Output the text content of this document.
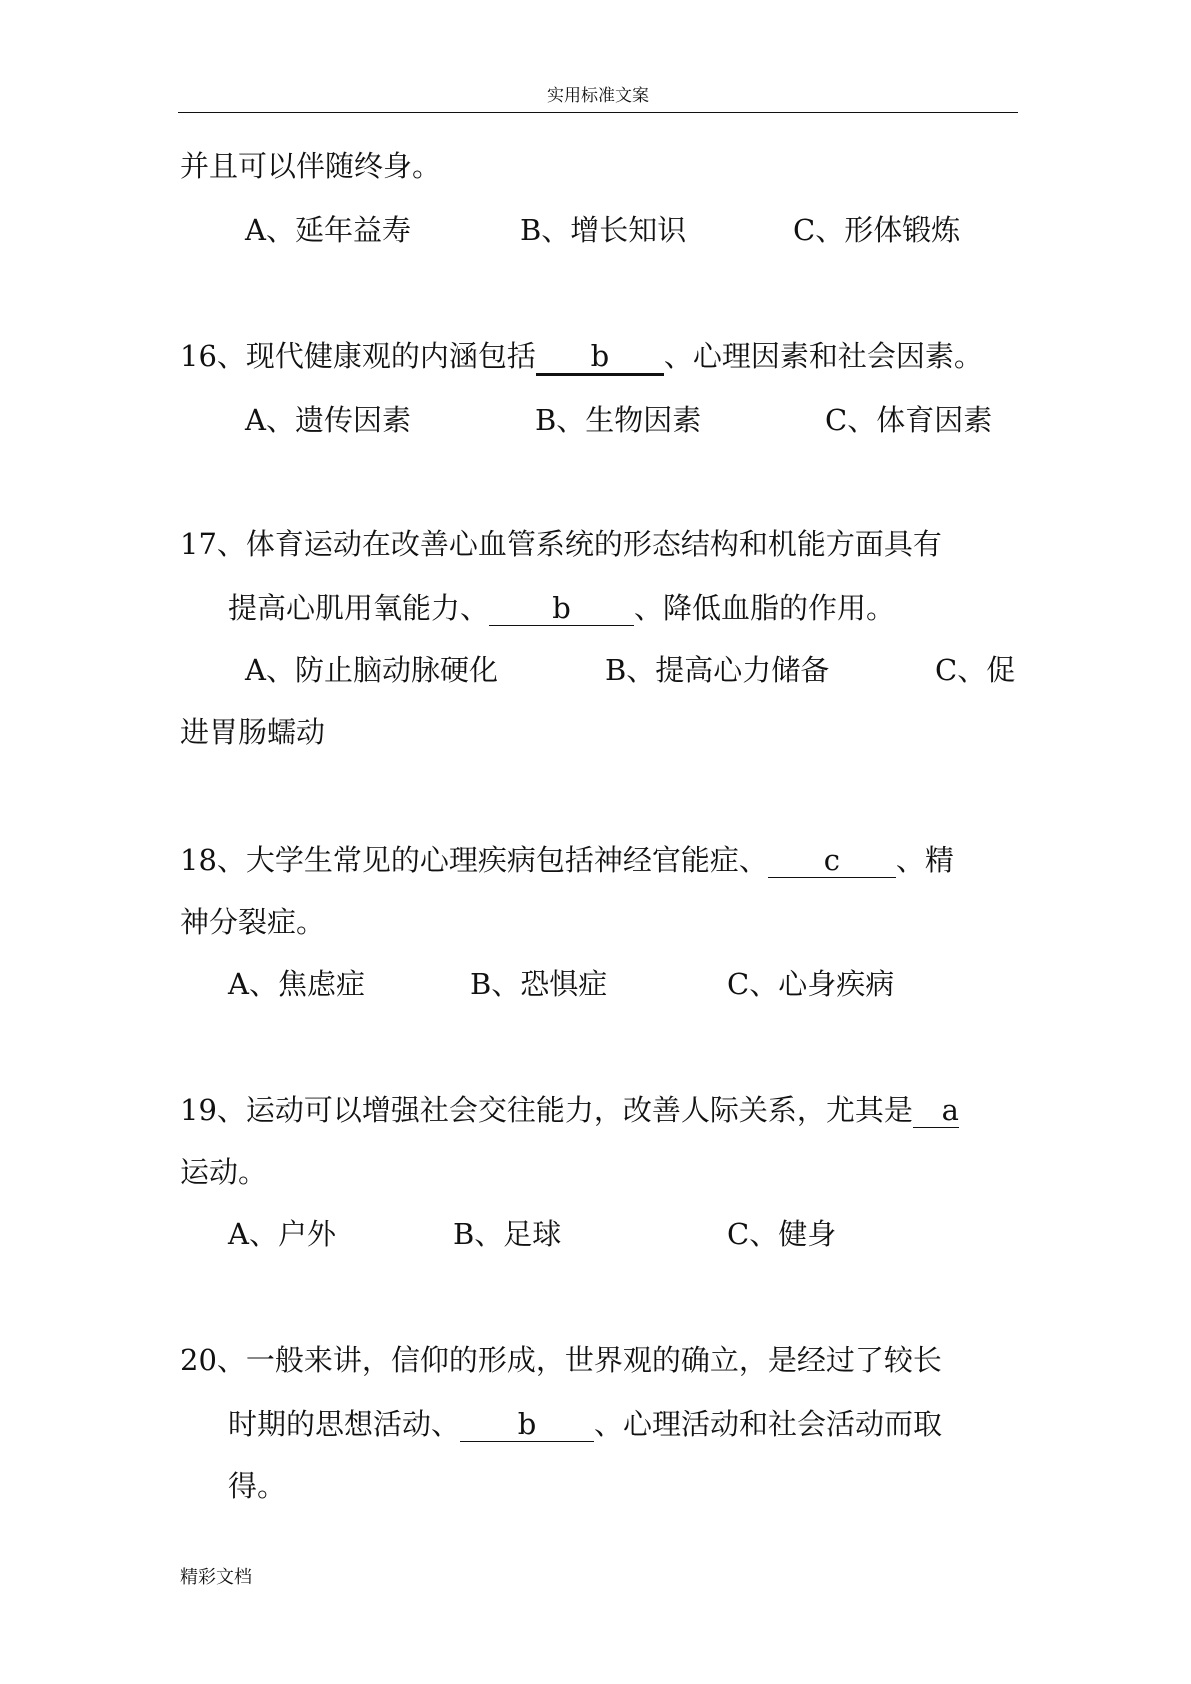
实用标准文案
并且可以伴随终身。
A、延年益寿	B、增长知识	C、形体锻炼
16、现代健康观的内涵包括 b 、心理因素和社会因素。
A、遗传因素	B、生物因素	C、体育因素
17、体育运动在改善心血管系统的形态结构和机能方面具有
提高心肌用氧能力、 b 、降低血脂的作用。
A、防止脑动脉硬化	B、提高心力储备	C、促
进胃肠蠕动
18、大学生常见的心理疾病包括神经官能症、 c 、精
神分裂症。
A、焦虑症	B、恐惧症	C、心身疾病
19、运动可以增强社会交往能力，改善人际关系，尤其是 a
运动。
A、户外	B、足球	C、健身
20、一般来讲，信仰的形成，世界观的确立，是经过了较长
时期的思想活动、 b 、心理活动和社会活动而取
得。
精彩文档
